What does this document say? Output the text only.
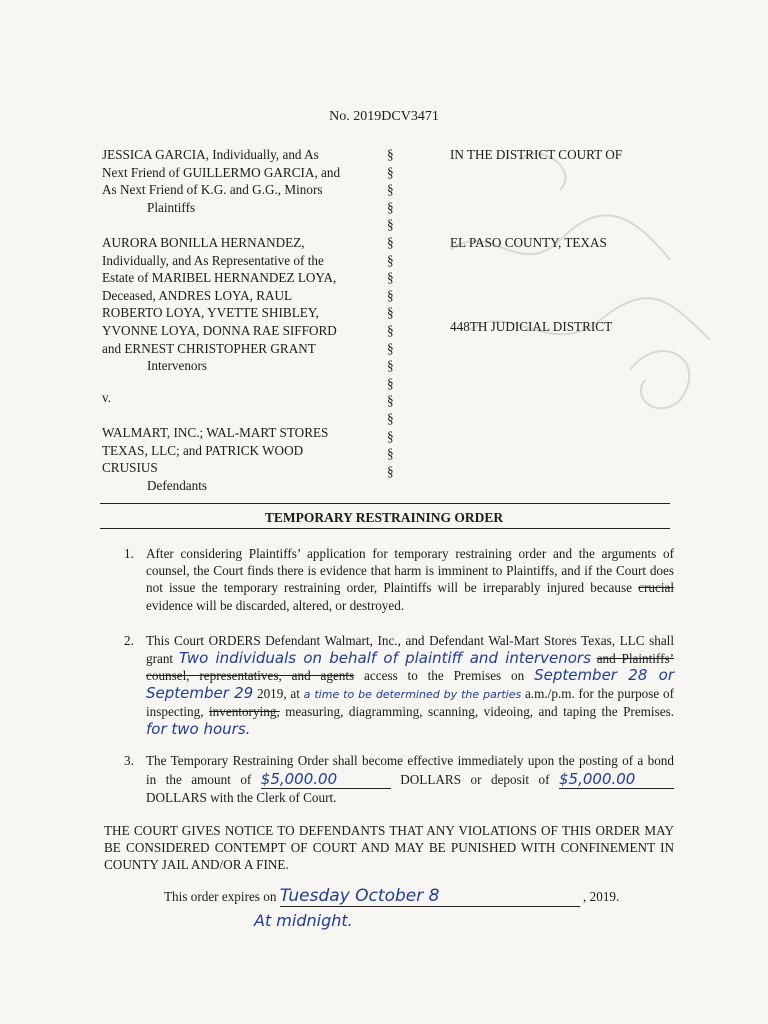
No. 2019DCV3471
JESSICA GARCIA, Individually, and As
Next Friend of GUILLERMO GARCIA, and
As Next Friend of K.G. and G.G., Minors
Plaintiffs
AURORA BONILLA HERNANDEZ,
Individually, and As Representative of the
Estate of MARIBEL HERNANDEZ LOYA,
Deceased, ANDRES LOYA, RAUL
ROBERTO LOYA, YVETTE SHIBLEY,
YVONNE LOYA, DONNA RAE SIFFORD
and ERNEST CHRISTOPHER GRANT
Intervenors
v.
WALMART, INC.; WAL-MART STORES
TEXAS, LLC; and PATRICK WOOD
CRUSIUS
Defendants
§
§
§
§
§
§
§
§
§
§
§
§
§
§
§
§
§
§
§
IN THE DISTRICT COURT OF
EL PASO COUNTY, TEXAS
448TH JUDICIAL DISTRICT
TEMPORARY RESTRAINING ORDER
1. After considering Plaintiffs’ application for temporary restraining order and the arguments of counsel, the Court finds there is evidence that harm is imminent to Plaintiffs, and if the Court does not issue the temporary restraining order, Plaintiffs will be irreparably injured because crucial evidence will be discarded, altered, or destroyed.
2. This Court ORDERS Defendant Walmart, Inc., and Defendant Wal-Mart Stores Texas, LLC shall grant Two individuals on behalf of plaintiff and intervenors and Plaintiffs’ counsel, representatives, and agents access to the Premises on September 28 or September 29 2019, at a time to be determined by the parties a.m./p.m. for the purpose of inspecting, inventorying, measuring, diagramming, scanning, videoing, and taping the Premises. for two hours.
3. The Temporary Restraining Order shall become effective immediately upon the posting of a bond in the amount of $5,000.00	DOLLARS or deposit of $5,000.00 DOLLARS with the Clerk of Court.
THE COURT GIVES NOTICE TO DEFENDANTS THAT ANY VIOLATIONS OF THIS ORDER MAY BE CONSIDERED CONTEMPT OF COURT AND MAY BE PUNISHED WITH CONFINEMENT IN COUNTY JAIL AND/OR A FINE.
This order expires on Tuesday October 8	, 2019.
At midnight.
